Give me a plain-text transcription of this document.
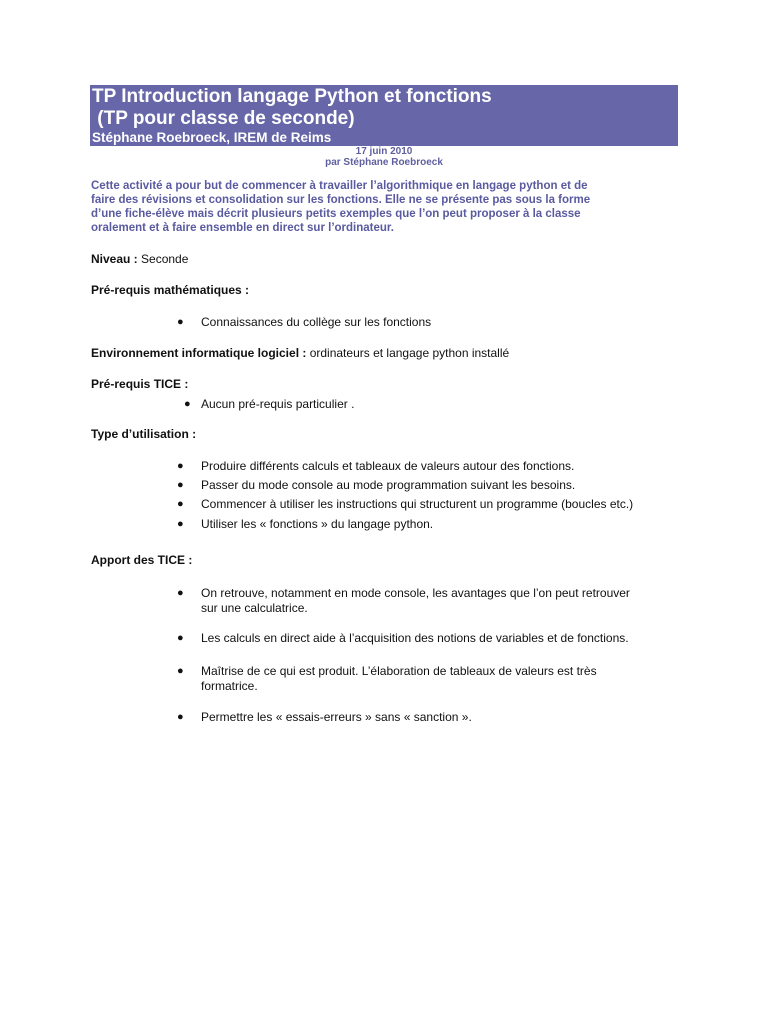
TP Introduction langage Python et fonctions
(TP pour classe de seconde)
Stéphane Roebroeck, IREM de Reims
17 juin 2010
par Stéphane Roebroeck
Cette activité a pour but de commencer à travailler l’algorithmique en langage python et de
faire des révisions et consolidation sur les fonctions. Elle ne se présente pas sous la forme
d’une fiche-élève mais décrit plusieurs petits exemples que l’on peut proposer à la classe
oralement et à faire ensemble en direct sur l’ordinateur.
Niveau : Seconde
Pré-requis mathématiques :
● Connaissances du collège sur les fonctions
Environnement informatique logiciel : ordinateurs et langage python installé
Pré-requis TICE :
● Aucun pré-requis particulier .
Type d’utilisation :
● Produire différents calculs et tableaux de valeurs autour des fonctions.
● Passer du mode console au mode programmation suivant les besoins.
● Commencer à utiliser les instructions qui structurent un programme (boucles etc.)
● Utiliser les « fonctions » du langage python.
Apport des TICE :
● On retrouve, notamment en mode console, les avantages que l’on peut retrouver
sur une calculatrice.
● Les calculs en direct aide à l’acquisition des notions de variables et de fonctions.
● Maîtrise de ce qui est produit. L’élaboration de tableaux de valeurs est très
formatrice.
● Permettre les « essais-erreurs » sans « sanction ».
